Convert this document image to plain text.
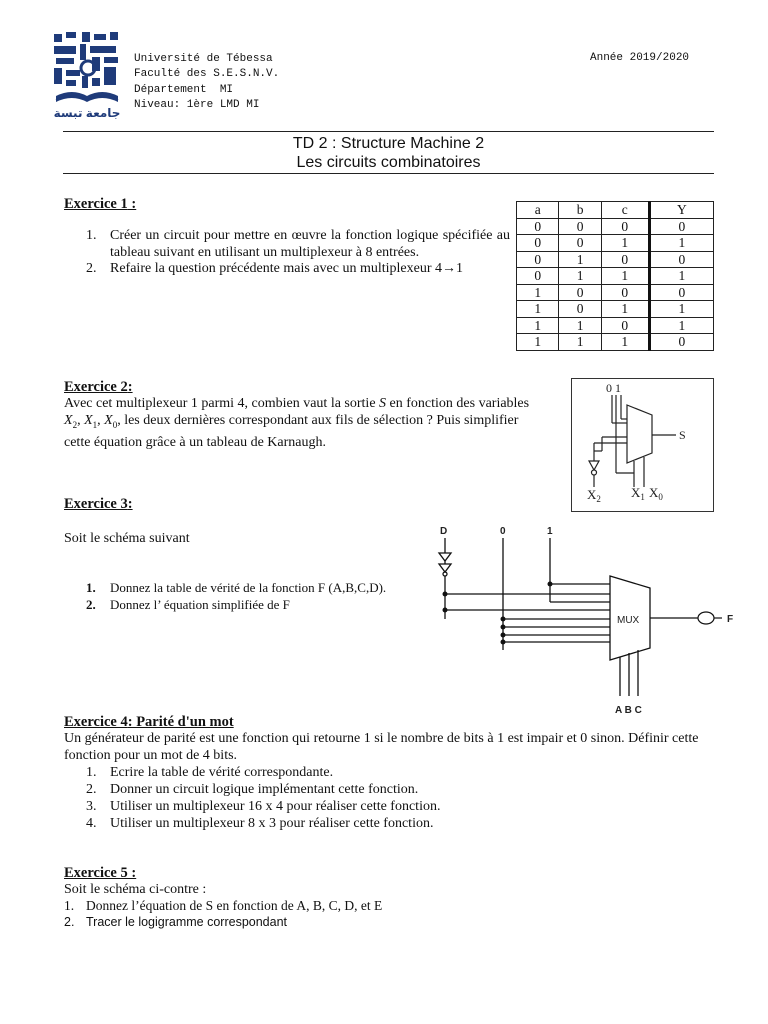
جامعة تبسة
Université de Tébessa
Faculté des S.E.S.N.V.
Département  MI
Niveau: 1ère LMD MI
Année 2019/2020
TD 2 : Structure Machine 2
Les circuits combinatoires
Exercice 1 :
1. Créer un circuit pour mettre en œuvre la fonction logique spécifiée au tableau suivant en utilisant un multiplexeur à 8 entrées.
2. Refaire la question précédente mais avec un multiplexeur 4→1
a	b	c	Y
0	0	0	0
0	0	1	1
0	1	0	0
0	1	1	1
1	0	0	0
1	0	1	1
1	1	0	1
1	1	1	0
Exercice 2:
Avec cet multiplexeur 1 parmi 4, combien vaut la sortie S en fonction des variables $X_2$, $X_1$, $X_0$, les deux dernières correspondant aux fils de sélection ? Puis simplifier cette équation grâce à un tableau de Karnaugh.
0 1
S
$X_2$ $X_1$ $X_0$
Exercice 3:
Soit le schéma suivant
1.	Donnez la table de vérité de la fonction F (A,B,C,D).
2.	Donnez l’ équation simplifiée de F
D	0	1
MUX	F
A B C
Exercice 4: Parité d'un mot
Un générateur de parité est une fonction qui retourne 1 si le nombre de bits à 1 est impair et 0 sinon. Définir cette fonction pour un mot de 4 bits.
1. Ecrire la table de vérité correspondante.
2. Donner un circuit logique implémentant cette fonction.
3. Utiliser un multiplexeur 16 x 4 pour réaliser cette fonction.
4. Utiliser un multiplexeur 8 x 3 pour réaliser cette fonction.
Exercice 5 :
Soit le schéma ci-contre :
1. Donnez l’équation de S en fonction de A, B, C, D, et E
2. Tracer le logigramme correspondant
